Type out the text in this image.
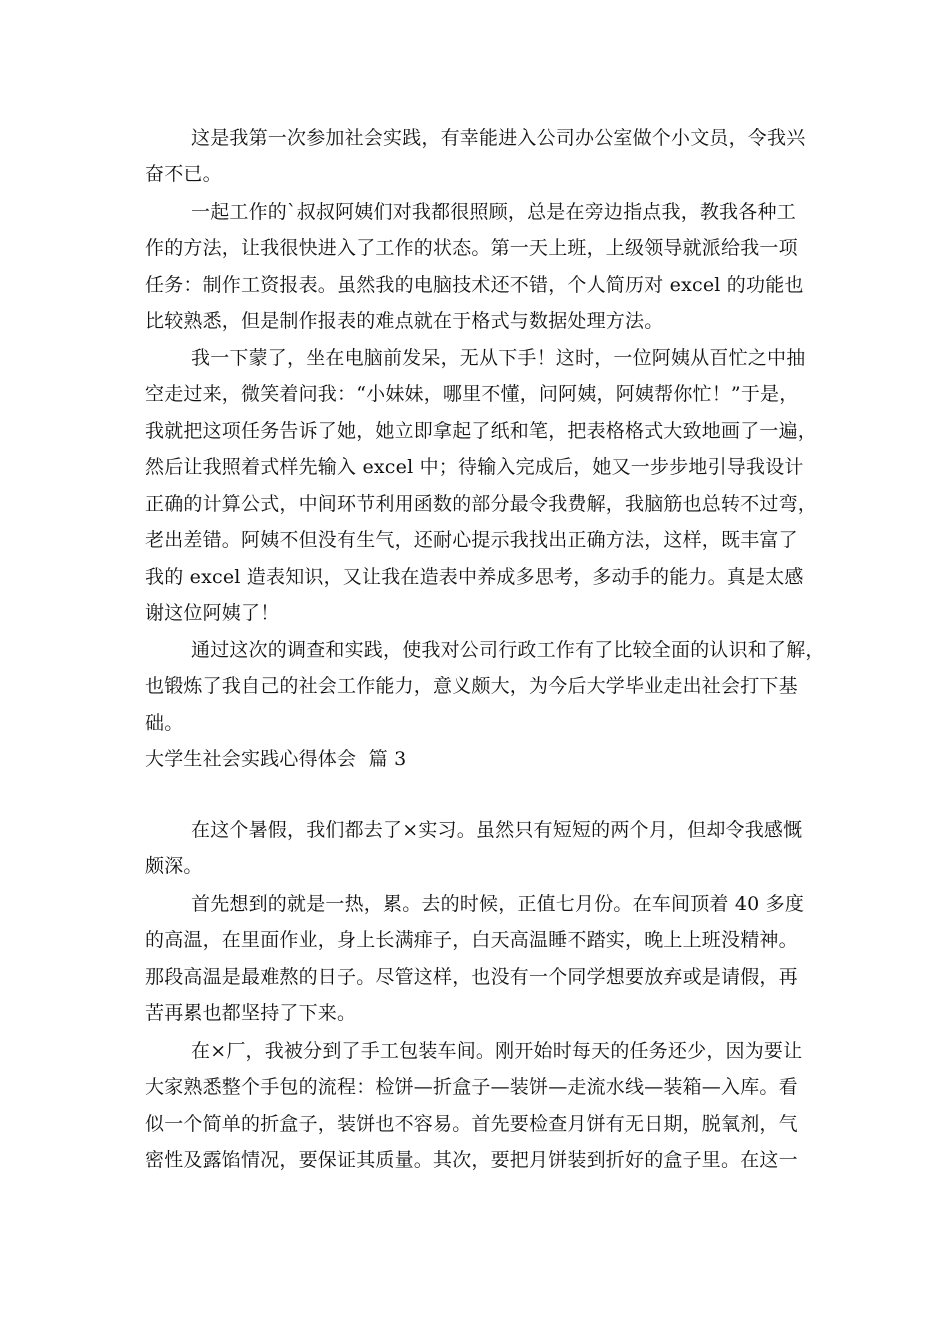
这是我第一次参加社会实践，有幸能进入公司办公室做个小文员，令我兴
奋不已。
一起工作的`叔叔阿姨们对我都很照顾，总是在旁边指点我，教我各种工
作的方法，让我很快进入了工作的状态。第一天上班，上级领导就派给我一项
任务：制作工资报表。虽然我的电脑技术还不错，个人简历对 excel 的功能也
比较熟悉，但是制作报表的难点就在于格式与数据处理方法。
我一下蒙了，坐在电脑前发呆，无从下手！这时，一位阿姨从百忙之中抽
空走过来，微笑着问我：“小妹妹，哪里不懂，问阿姨，阿姨帮你忙！”于是，
我就把这项任务告诉了她，她立即拿起了纸和笔，把表格格式大致地画了一遍，
然后让我照着式样先输入 excel 中；待输入完成后，她又一步步地引导我设计
正确的计算公式，中间环节利用函数的部分最令我费解，我脑筋也总转不过弯，
老出差错。阿姨不但没有生气，还耐心提示我找出正确方法，这样，既丰富了
我的 excel 造表知识，又让我在造表中养成多思考，多动手的能力。真是太感
谢这位阿姨了！
通过这次的调查和实践，使我对公司行政工作有了比较全面的认识和了解，
也锻炼了我自己的社会工作能力，意义颇大，为今后大学毕业走出社会打下基
础。
大学生社会实践心得体会  篇 3
在这个暑假，我们都去了×实习。虽然只有短短的两个月，但却令我感慨
颇深。
首先想到的就是一热，累。去的时候，正值七月份。在车间顶着 40 多度
的高温，在里面作业，身上长满痱子，白天高温睡不踏实，晚上上班没精神。
那段高温是最难熬的日子。尽管这样，也没有一个同学想要放弃或是请假，再
苦再累也都坚持了下来。
在×厂，我被分到了手工包装车间。刚开始时每天的任务还少，因为要让
大家熟悉整个手包的流程：检饼—折盒子—装饼—走流水线—装箱—入库。看
似一个简单的折盒子，装饼也不容易。首先要检查月饼有无日期，脱氧剂，气
密性及露馅情况，要保证其质量。其次，要把月饼装到折好的盒子里。在这一
